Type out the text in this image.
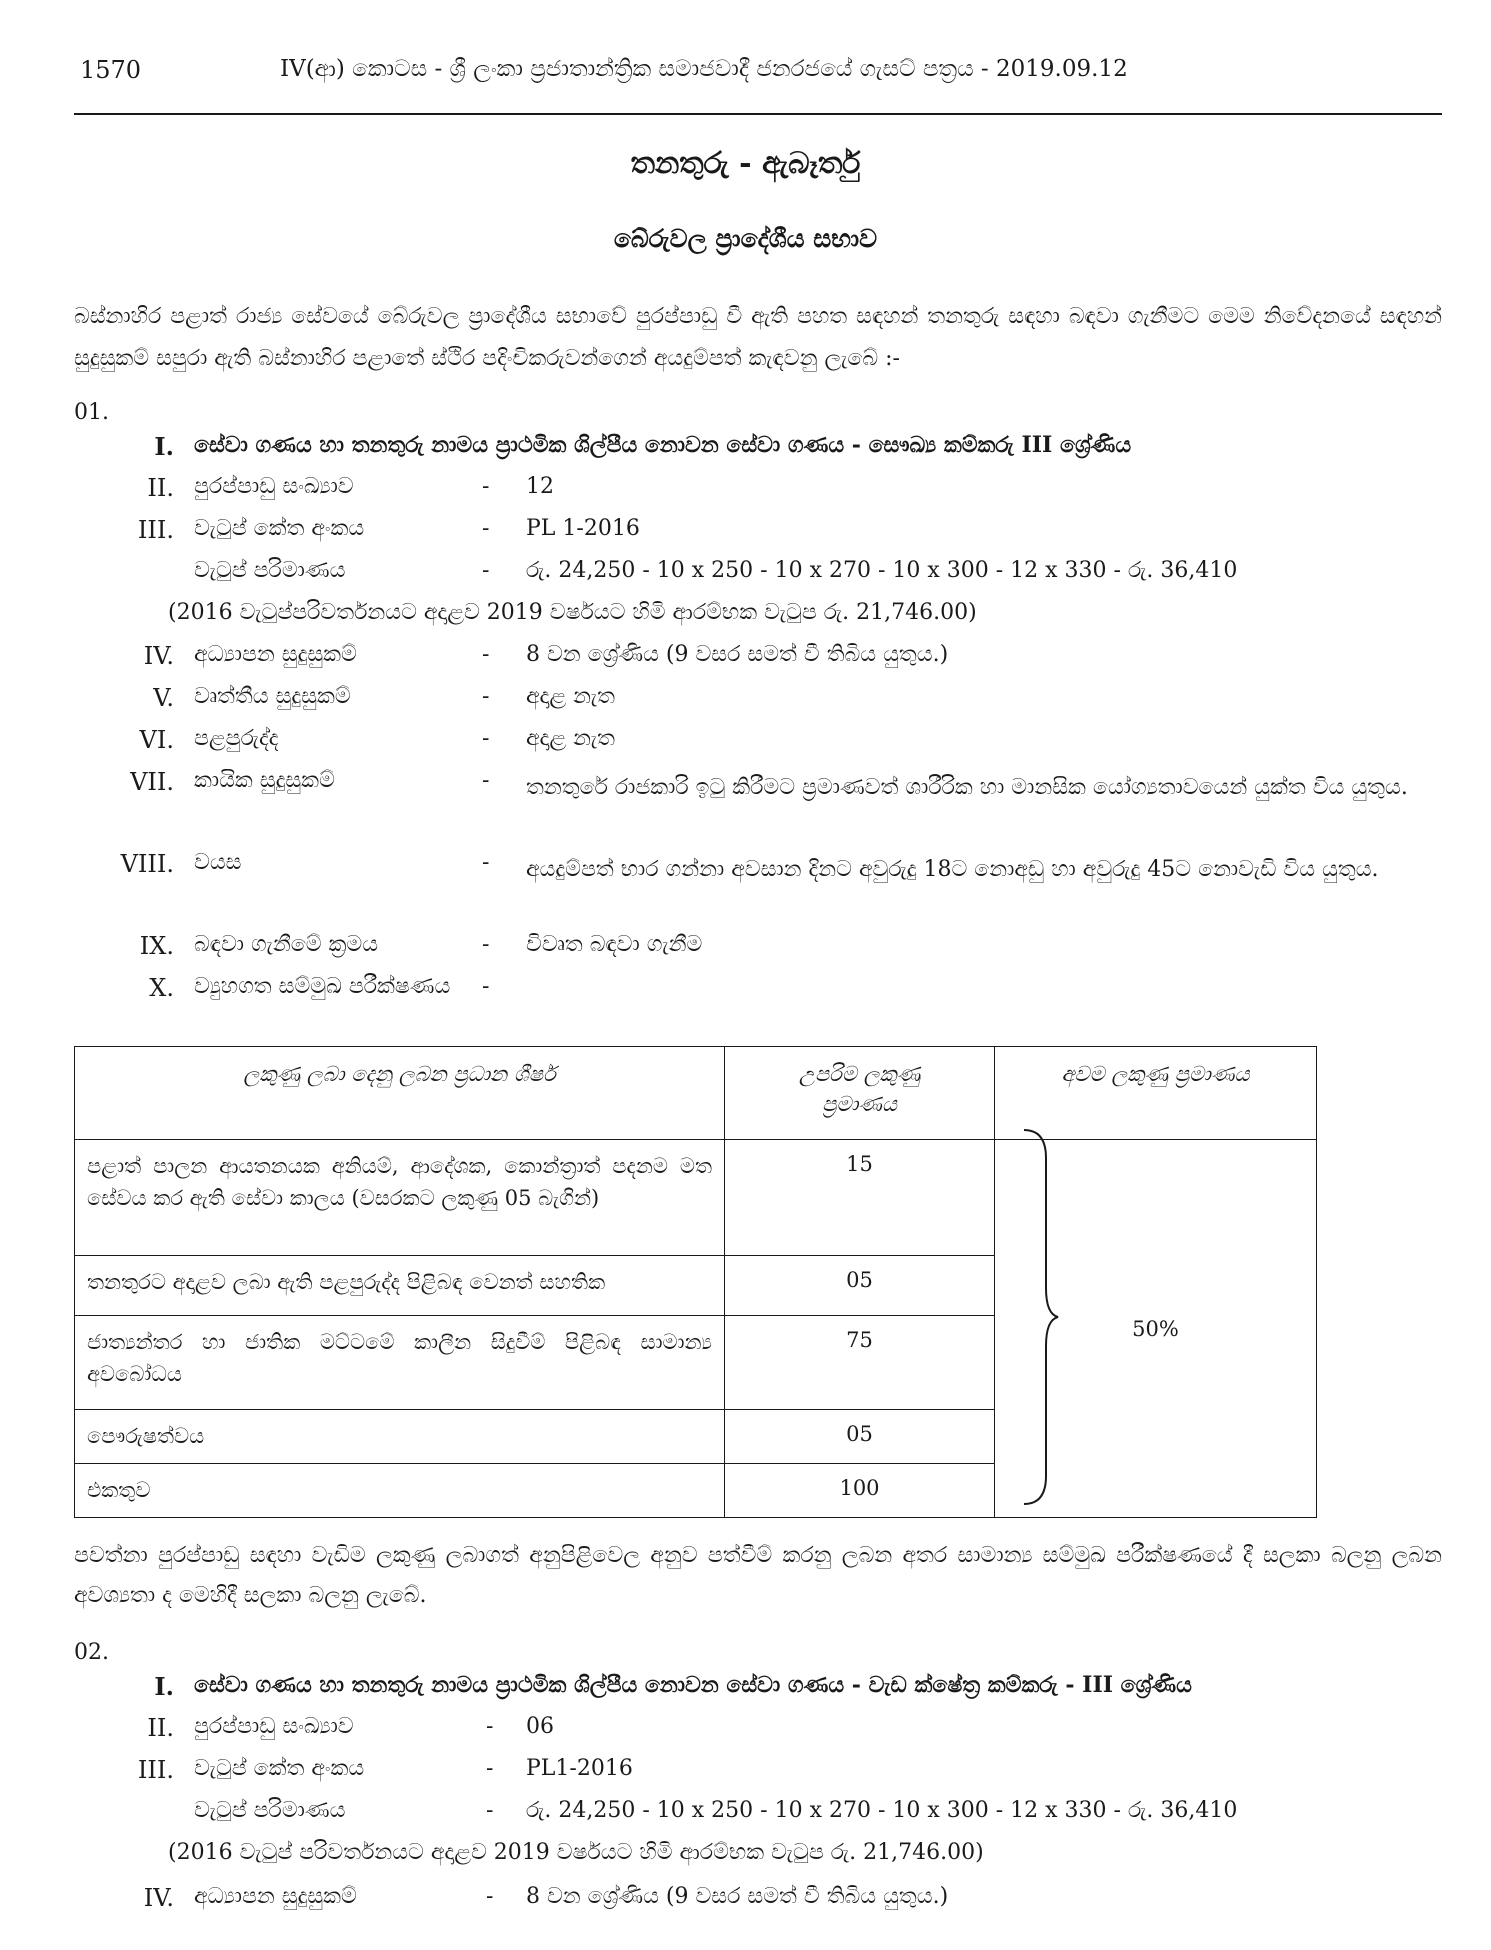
1570	IV(ආ) කොටස - ශ්‍රී ලංකා ප්‍රජාතාන්ත්‍රික සමාජවාදී ජනරජයේ ගැසට් පත්‍රය - 2019.09.12
තනතුරු - ඇබෑර්තු
බේරුවල ප්‍රාදේශීය සභාව
බස්නාහිර පළාත් රාජ්‍ය සේවයේ බේරුවල ප්‍රාදේශීය සභාවේ පුරප්පාඩු වී ඇති පහත සඳහන් තනතුරු සඳහා බඳවා ගැනීමට මෙම නිවේදනයේ සඳහන් සුදුසුකම් සපුරා ඇති බස්නාහිර පළාතේ ස්ථිර පදිංචිකරුවන්ගෙන් අයදුම්පත් කැඳවනු ලැබේ :-
01.
I. සේවා ගණය හා තනතුරු නාමය ප්‍රාථමික ශිල්පීය නොවන සේවා ගණය - සෞඛ්‍ය කම්කරු III ශ්‍රේණිය
II. පුරප්පාඩු සංඛ්‍යාව	- 12
III. වැටුප් කේත අංකය	- PL 1-2016
වැටුප් පරිමාණය	- රු. 24,250 - 10 x 250 - 10 x 270 - 10 x 300 - 12 x 330 - රු. 36,410
(2016 වැටුප්පරිවර්තනයට අදාළව 2019 වර්ෂයට හිමි ආරම්භක වැටුප රු. 21,746.00)
IV. අධ්‍යාපන සුදුසුකම්	- 8 වන ශ්‍රේණිය (9 වසර සමත් වී තිබිය යුතුය.)
V. වෘත්තීය සුදුසුකම්	- අදාළ නැත
VI. පළපුරුද්ද	- අදාළ නැත
VII. කායික සුදුසුකම්	- තනතුරේ රාජකාරි ඉටු කිරීමට ප්‍රමාණවත් ශාරීරික හා මානසික යෝග්‍යතාවයෙන් යුක්ත විය යුතුය.
VIII. වයස	- අයදුම්පත් භාර ගන්නා අවසාන දිනට අවුරුදු 18ට නොඅඩු හා අවුරුදු 45ට නොවැඩි විය යුතුය.
IX. බඳවා ගැනීමේ ක්‍රමය	- විවෘත බඳවා ගැනීම
X. ව්‍යුහගත සම්මුඛ පරීක්ෂණය -
ලකුණු ලබා දෙනු ලබන ප්‍රධාන ශීර්ෂ	උපරිම ලකුණු ප්‍රමාණය	අවම ලකුණු ප්‍රමාණය
පළාත් පාලන ආයතනයක අනියම්, ආදේශක, කොන්ත්‍රාත් පදනම මත සේවය කර ඇති සේවා කාලය (වසරකට ලකුණු 05 බැගින්)	15	50%
තනතුරට අදාළව ලබා ඇති පළපුරුද්ද පිළිබඳ වෙනත් සහතික	05	
ජාත්‍යන්තර හා ජාතික මට්ටමේ කාලීන සිදුවීම් පිළිබඳ සාමාන්‍ය අවබෝධය	75	
පෞරුෂත්වය	05	
එකතුව	100	
පවත්නා පුරප්පාඩු සඳහා වැඩිම ලකුණු ලබාගත් අනුපිළිවෙල අනුව පත්වීම් කරනු ලබන අතර සාමාන්‍ය සම්මුඛ පරීක්ෂණයේ දී සලකා බලනු ලබන අවශ්‍යතා ද මෙහිදී සලකා බලනු ලැබේ.
02.
I. සේවා ගණය හා තනතුරු නාමය ප්‍රාථමික ශිල්පීය නොවන සේවා ගණය - වැඩ ක්ෂේත්‍ර කම්කරු - III ශ්‍රේණිය
II. පුරප්පාඩු සංඛ්‍යාව	- 06
III. වැටුප් කේත අංකය	- PL1-2016
වැටුප් පරිමාණය	- රු. 24,250 - 10 x 250 - 10 x 270 - 10 x 300 - 12 x 330 - රු. 36,410
(2016 වැටුප් පරිවර්තනයට අදාළව 2019 වර්ෂයට හිමි ආරම්භක වැටුප රු. 21,746.00)
IV. අධ්‍යාපන සුදුසුකම්	- 8 වන ශ්‍රේණිය (9 වසර සමත් වී තිබිය යුතුය.)
